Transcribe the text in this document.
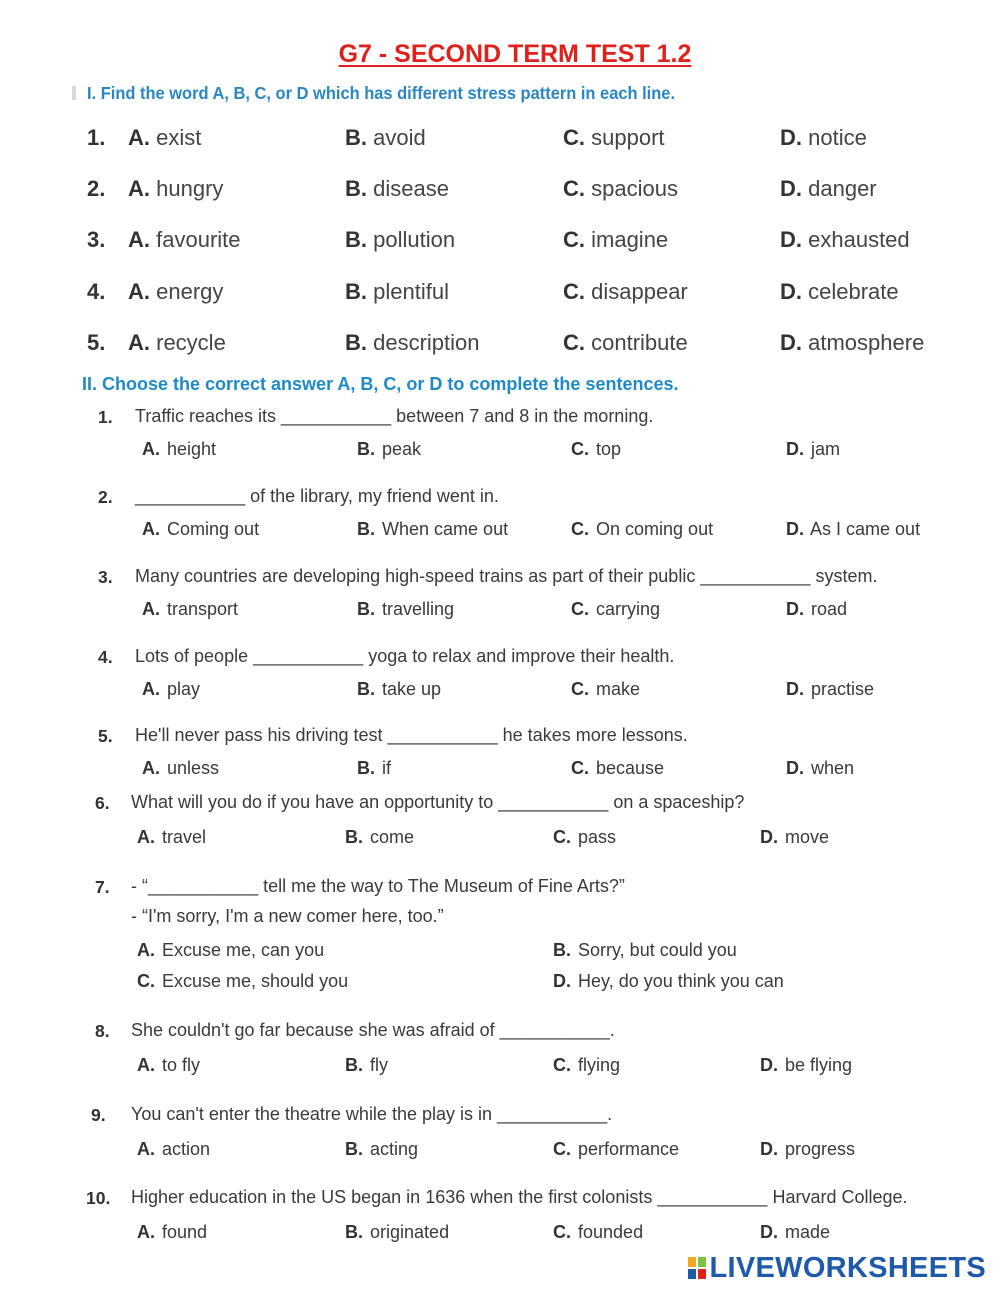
G7 - SECOND TERM TEST 1.2
I. Find the word A, B, C, or D which has different stress pattern in each line.
1. A. exist	B. avoid	C. support	D. notice
2. A. hungry	B. disease	C. spacious	D. danger
3. A. favourite	B. pollution	C. imagine	D. exhausted
4. A. energy	B. plentiful	C. disappear	D. celebrate
5. A. recycle	B. description	C. contribute	D. atmosphere
II. Choose the correct answer A, B, C, or D to complete the sentences.
1. Traffic reaches its ___________ between 7 and 8 in the morning.
A. height	B. peak	C. top	D. jam
2. ___________ of the library, my friend went in.
A. Coming out	B. When came out	C. On coming out	D. As I came out
3. Many countries are developing high-speed trains as part of their public ___________ system.
A. transport	B. travelling	C. carrying	D. road
4. Lots of people ___________ yoga to relax and improve their health.
A. play	B. take up	C. make	D. practise
5. He'll never pass his driving test ___________ he takes more lessons.
A. unless	B. if	C. because	D. when
6. What will you do if you have an opportunity to ___________ on a spaceship?
A. travel	B. come	C. pass	D. move
7. - “___________ tell me the way to The Museum of Fine Arts?”
- “I'm sorry, I'm a new comer here, too.”
A. Excuse me, can you	B. Sorry, but could you
C. Excuse me, should you	D. Hey, do you think you can
8. She couldn't go far because she was afraid of ___________.
A. to fly	B. fly	C. flying	D. be flying
9. You can't enter the theatre while the play is in ___________.
A. action	B. acting	C. performance	D. progress
10. Higher education in the US began in 1636 when the first colonists ___________ Harvard College.
A. found	B. originated	C. founded	D. made
LIVEWORKSHEETS
